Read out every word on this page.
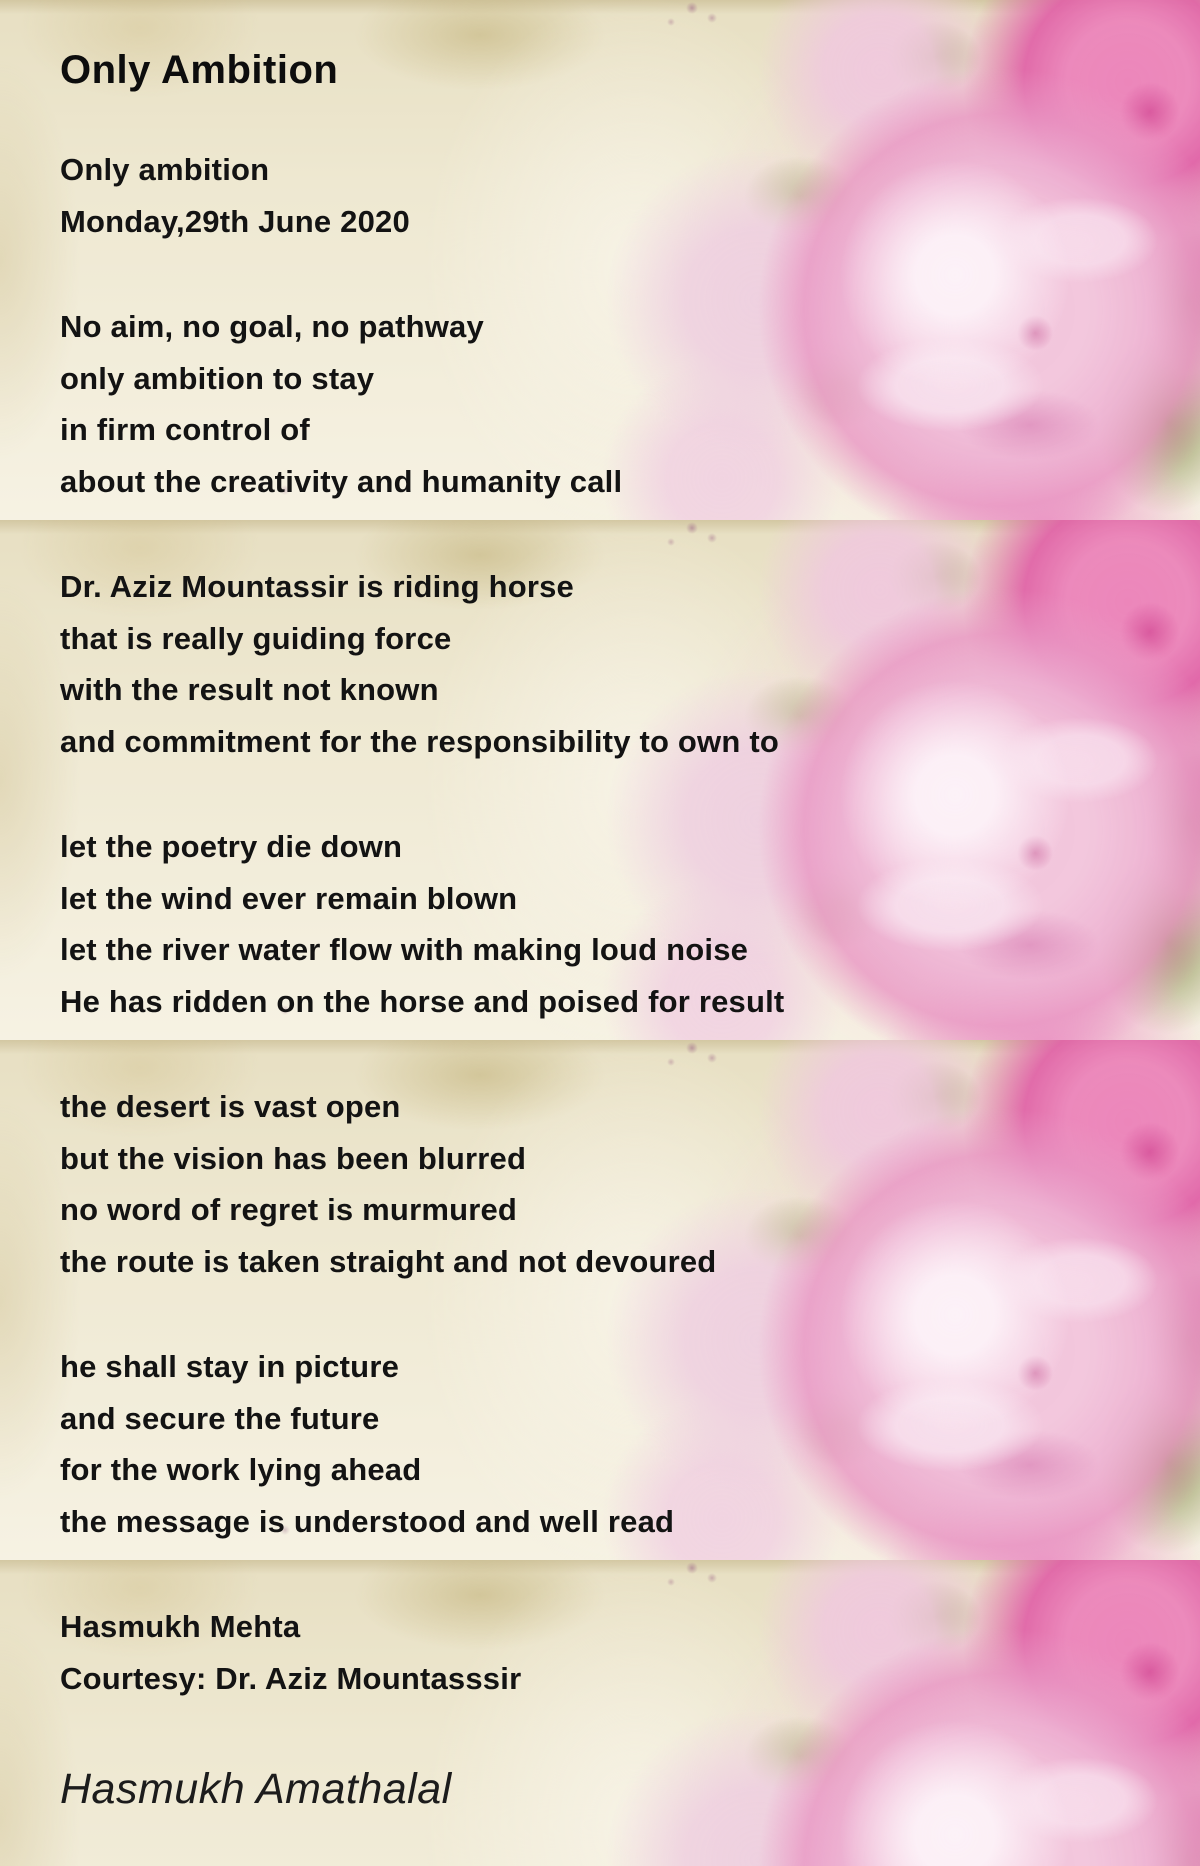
Only Ambition

Only ambition
Monday,29th June 2020

No aim, no goal, no pathway
only ambition to stay
in firm control of
about the creativity and humanity call

Dr. Aziz Mountassir is riding horse
that is really guiding force
with the result not known
and commitment for the responsibility to own to

let the poetry die down
let the wind ever remain blown
let the river water flow with making loud noise
He has ridden on the horse and poised for result

the desert is vast open
but the vision has been blurred
no word of regret is murmured
the route is taken straight and not devoured

he shall stay in picture
and secure the future
for the work lying ahead
the message is understood and well read

Hasmukh Mehta
Courtesy: Dr. Aziz Mountasssir

Hasmukh Amathalal
